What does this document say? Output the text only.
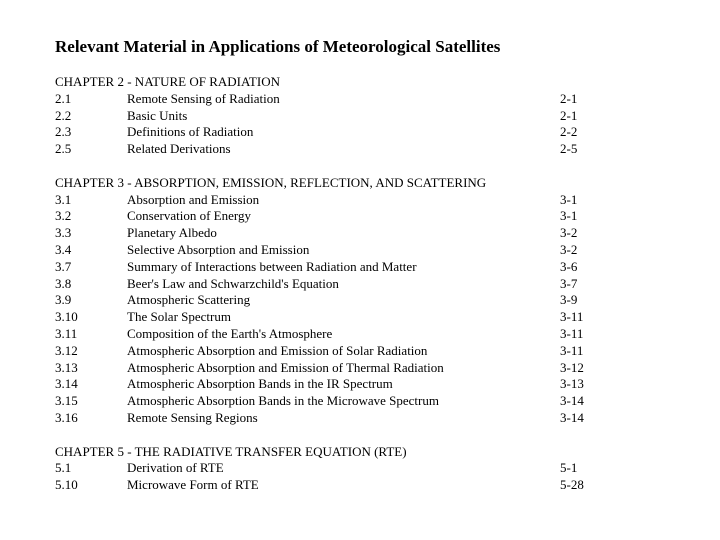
Relevant Material in Applications of Meteorological Satellites
CHAPTER 2 - NATURE OF RADIATION
2.1	Remote Sensing of Radiation	2-1
2.2	Basic Units	2-1
2.3	Definitions of Radiation	2-2
2.5	Related Derivations	2-5
CHAPTER 3 - ABSORPTION, EMISSION, REFLECTION, AND SCATTERING
3.1	Absorption and Emission	3-1
3.2	Conservation of Energy	3-1
3.3	Planetary Albedo	3-2
3.4	Selective Absorption and Emission	3-2
3.7	Summary of Interactions between Radiation and Matter	3-6
3.8	Beer's Law and Schwarzchild's Equation	3-7
3.9	Atmospheric Scattering	3-9
3.10	The Solar Spectrum	3-11
3.11	Composition of the Earth's Atmosphere	3-11
3.12	Atmospheric Absorption and Emission of Solar Radiation	3-11
3.13	Atmospheric Absorption and Emission of Thermal Radiation	3-12
3.14	Atmospheric Absorption Bands in the IR Spectrum	3-13
3.15	Atmospheric Absorption Bands in the Microwave Spectrum	3-14
3.16	Remote Sensing Regions	3-14
CHAPTER 5 - THE RADIATIVE TRANSFER EQUATION (RTE)
5.1	Derivation of RTE	5-1
5.10	Microwave Form of RTE	5-28
